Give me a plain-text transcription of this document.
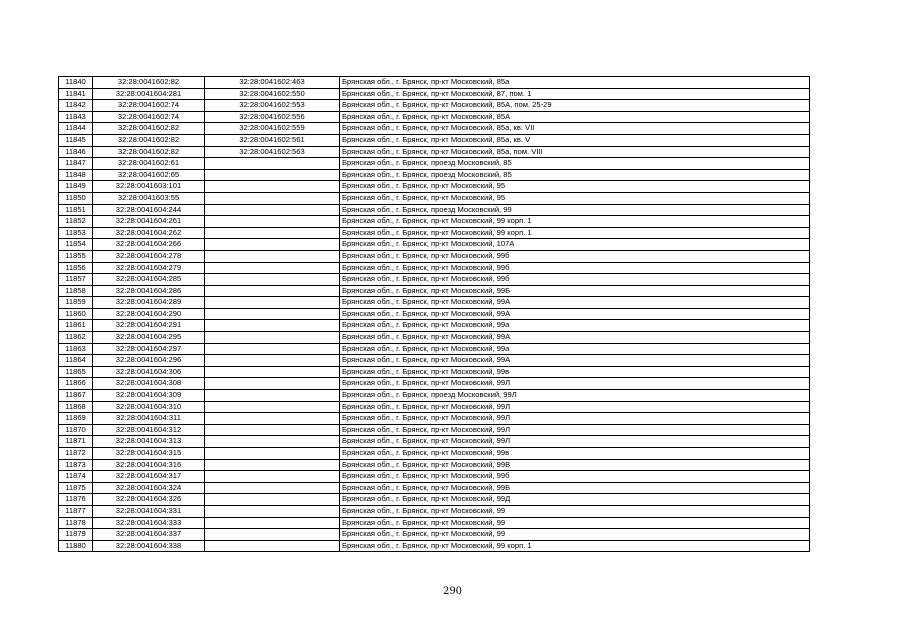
11840	32:28:0041602:82	32:28:0041602:463	Брянская обл., г. Брянск, пр-кт Московский, 85а
11841	32:28:0041604:281	32:28:0041602:550	Брянская обл., г. Брянск, пр-кт Московский, 87, пом. 1
11842	32:28:0041602:74	32:28:0041602:553	Брянская обл., г. Брянск, пр-кт Московский, 85А, пом. 25-29
11843	32:28:0041602:74	32:28:0041602:556	Брянская обл., г. Брянск, пр-кт Московский, 85А
11844	32:28:0041602:82	32:28:0041602:559	Брянская обл., г. Брянск, пр-кт Московский, 85а, кв. VII
11845	32:28:0041602:82	32:28:0041602:561	Брянская обл., г. Брянск, пр-кт Московский, 85а, кв. V
11846	32:28:0041602:82	32:28:0041602:563	Брянская обл., г. Брянск, пр-кт Московский, 85а, пом. VIII
11847	32:28:0041602:61		Брянская обл., г. Брянск, проезд Московский, 85
11848	32:28:0041602:65		Брянская обл., г. Брянск, проезд Московский, 85
11849	32:28:0041603:101		Брянская обл., г. Брянск, пр-кт Московский, 95
11850	32:28:0041603:55		Брянская обл., г. Брянск, пр-кт Московский, 95
11851	32:28:0041604:244		Брянская обл., г. Брянск, проезд Московский, 99
11852	32:28:0041604:261		Брянская обл., г. Брянск, пр-кт Московский, 99 корп. 1
11853	32:28:0041604:262		Брянская обл., г. Брянск, пр-кт Московский, 99 корп. 1
11854	32:28:0041604:266		Брянская обл., г. Брянск, пр-кт Московский, 107А
11855	32:28:0041604:278		Брянская обл., г. Брянск, пр-кт Московский, 99б
11856	32:28:0041604:279		Брянская обл., г. Брянск, пр-кт Московский, 99б
11857	32:28:0041604:285		Брянская обл., г. Брянск, пр-кт Московский, 99б
11858	32:28:0041604:286		Брянская обл., г. Брянск, пр-кт Московский, 99Б
11859	32:28:0041604:289		Брянская обл., г. Брянск, пр-кт Московский, 99А
11860	32:28:0041604:290		Брянская обл., г. Брянск, пр-кт Московский, 99А
11861	32:28:0041604:291		Брянская обл., г. Брянск, пр-кт Московский, 99а
11862	32:28:0041604:295		Брянская обл., г. Брянск, пр-кт Московский, 99А
11863	32:28:0041604:297		Брянская обл., г. Брянск, пр-кт Московский, 99а
11864	32:28:0041604:296		Брянская обл., г. Брянск, пр-кт Московский, 99А
11865	32:28:0041604:306		Брянская обл., г. Брянск, пр-кт Московский, 99в
11866	32:28:0041604:308		Брянская обл., г. Брянск, пр-кт Московский, 99Л
11867	32:28:0041604:309		Брянская обл., г. Брянск, проезд Московский, 99Л
11868	32:28:0041604:310		Брянская обл., г. Брянск, пр-кт Московский, 99Л
11869	32:28:0041604:311		Брянская обл., г. Брянск, пр-кт Московский, 99Л
11870	32:28:0041604:312		Брянская обл., г. Брянск, пр-кт Московский, 99Л
11871	32:28:0041604:313		Брянская обл., г. Брянск, пр-кт Московский, 99Л
11872	32:28:0041604:315		Брянская обл., г. Брянск, пр-кт Московский, 99в
11873	32:28:0041604:316		Брянская обл., г. Брянск, пр-кт Московский, 99В
11874	32:28:0041604:317		Брянская обл., г. Брянск, пр-кт Московский, 99б
11875	32:28:0041604:324		Брянская обл., г. Брянск, пр-кт Московский, 99Б
11876	32:28:0041604:326		Брянская обл., г. Брянск, пр-кт Московский, 99Д
11877	32:28:0041604:331		Брянская обл., г. Брянск, пр-кт Московский, 99
11878	32:28:0041604:333		Брянская обл., г. Брянск, пр-кт Московский, 99
11879	32:28:0041604:337		Брянская обл., г. Брянск, пр-кт Московский, 99
11880	32:28:0041604:338		Брянская обл., г. Брянск, пр-кт Московский, 99 корп. 1
290
